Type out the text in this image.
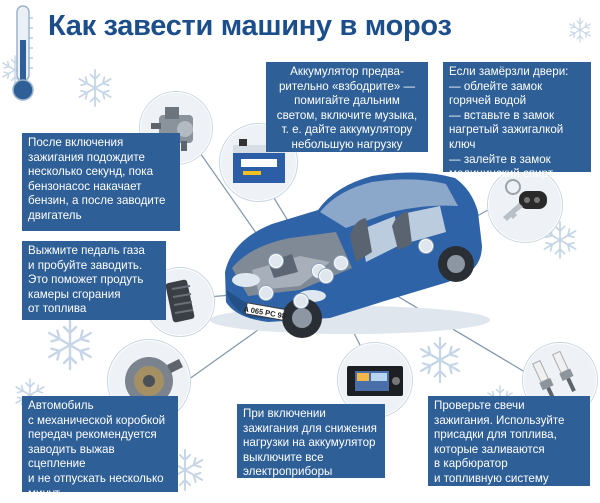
Как завести машину в мороз
A 065 PC 98
Аккумулятор предва-
рительно «взбодрите» —
помигайте дальним
светом, включите музыка,
т. е. дайте аккумулятору
небольшую нагрузку
Если замёрзли двери:
— облейте замок
горячей водой
— вставьте в замок
нагретый зажигалкой
ключ
— залейте в замок
медицинский спирт
После включения
зажигания подождите
несколько секунд, пока
бензонасос накачает
бензин, а после заводите
двигатель
Выжмите педаль газа
и пробуйте заводить.
Это поможет продуть
камеры сгорания
от топлива
Автомобиль
с механической коробкой
передач рекомендуется
заводить выжав сцепление
и не отпускать несколько
минут
При включении
зажигания для снижения
нагрузки на аккумулятор
выключите все
электроприборы
Проверьте свечи
зажигания. Используйте
присадки для топлива,
которые заливаются
в карбюратор
и топливную систему
